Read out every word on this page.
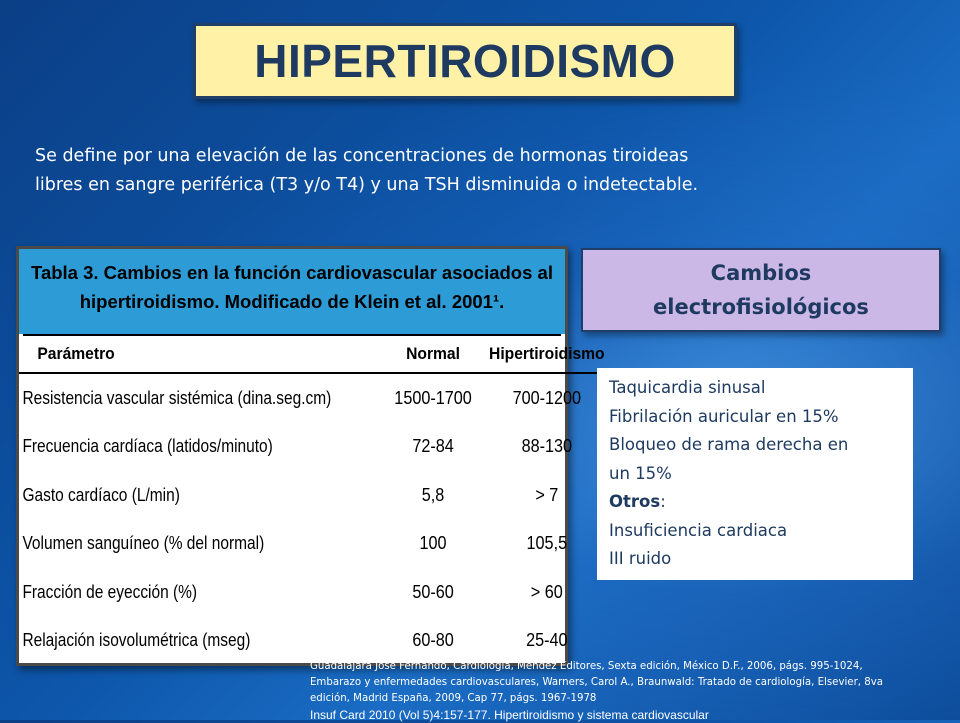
HIPERTIROIDISMO
Se define por una elevación de las concentraciones de hormonas tiroideas
libres en sangre periférica (T3 y/o T4) y una TSH disminuida o indetectable.
Tabla 3. Cambios en la función cardiovascular asociados al
hipertiroidismo. Modificado de Klein et al. 2001¹.
Parámetro	Normal	Hipertiroidismo
Resistencia vascular sistémica (dina.seg.cm)	1500-1700	700-1200
Frecuencia cardíaca (latidos/minuto)	72-84	88-130
Gasto cardíaco (L/min)	5,8	> 7
Volumen sanguíneo (% del normal)	100	105,5
Fracción de eyección (%)	50-60	> 60
Relajación isovolumétrica (mseg)	60-80	25-40
Cambios
electrofisiológicos
Taquicardia sinusal
Fibrilación auricular en 15%
Bloqueo de rama derecha en
un 15%
Otros:
Insuficiencia cardiaca
III ruido
Guadalajara José Fernando, Cardiología, Méndez Editores, Sexta edición, México D.F., 2006, págs. 995-1024,
Embarazo y enfermedades cardiovasculares, Warners, Carol A., Braunwald: Tratado de cardiología, Elsevier, 8va
edición, Madrid España, 2009, Cap 77, págs. 1967-1978
Insuf Card 2010 (Vol 5)4:157-177. Hipertiroidismo y sistema cardiovascular
